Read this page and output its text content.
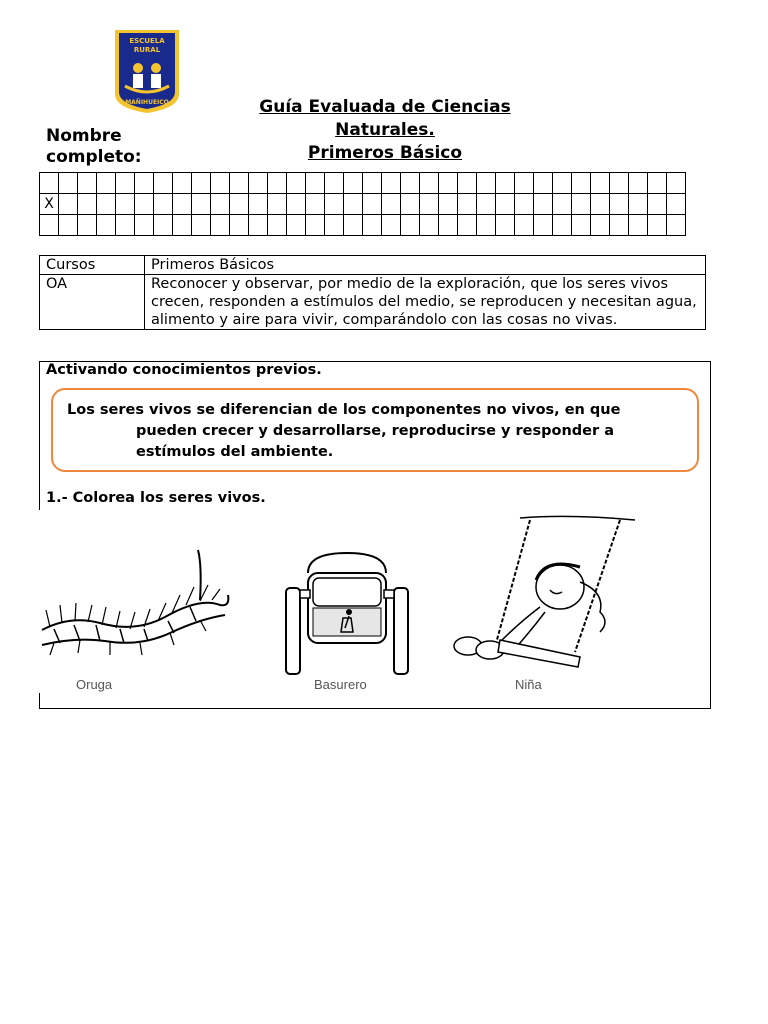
ESCUELA
RURAL
MAÑIHUEICO	Guía Evaluada de Ciencias
Naturales.
Primeros Básico
Nombre
completo:

X																																	

Cursos	Primeros Básicos
OA	Reconocer y observar, por medio de la exploración, que los seres vivos crecen, responden a estímulos del medio, se reproducen y necesitan agua, alimento y aire para vivir, comparándolo con las cosas no vivas.
Activando conocimientos previos.
Los seres vivos se diferencian de los componentes no vivos, en que
pueden crecer y desarrollarse, reproducirse y responder a
estímulos del ambiente.
1.- Colorea los seres vivos.
Oruga	Basurero	Niña
